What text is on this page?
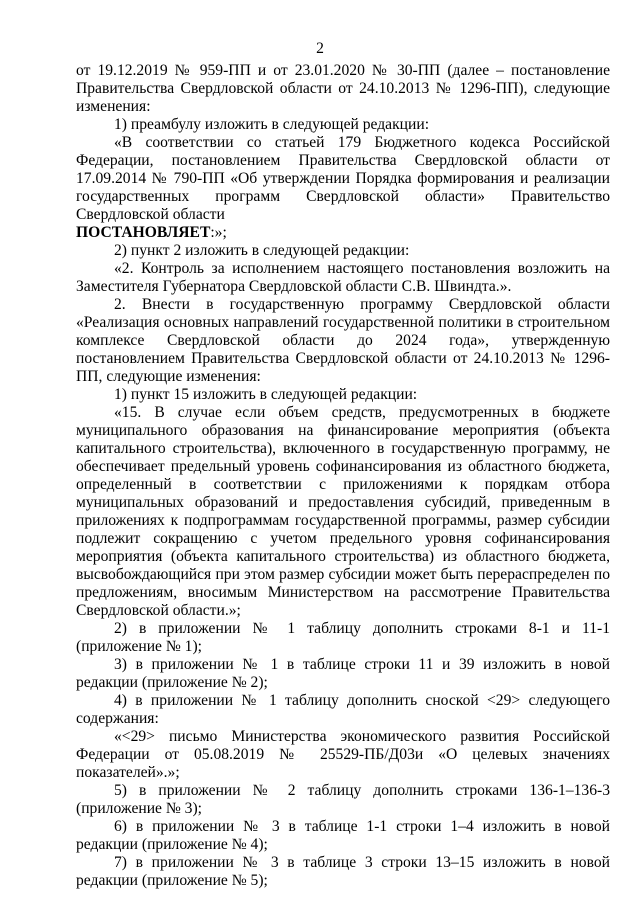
2

от 19.12.2019 № 959-ПП и от 23.01.2020 № 30-ПП (далее – постановление Правительства Свердловской области от 24.10.2013 № 1296-ПП), следующие изменения:

1) преамбулу изложить в следующей редакции:

«В соответствии со статьей 179 Бюджетного кодекса Российской Федерации, постановлением Правительства Свердловской области от 17.09.2014 № 790-ПП «Об утверждении Порядка формирования и реализации государственных программ Свердловской области» Правительство Свердловской области

ПОСТАНОВЛЯЕТ:»;

2) пункт 2 изложить в следующей редакции:

«2. Контроль за исполнением настоящего постановления возложить на Заместителя Губернатора Свердловской области С.В. Швиндта.».

2. Внести в государственную программу Свердловской области «Реализация основных направлений государственной политики в строительном комплексе Свердловской области до 2024 года», утвержденную постановлением Правительства Свердловской области от 24.10.2013 № 1296-ПП, следующие изменения:

1) пункт 15 изложить в следующей редакции:

«15. В случае если объем средств, предусмотренных в бюджете муниципального образования на финансирование мероприятия (объекта капитального строительства), включенного в государственную программу, не обеспечивает предельный уровень софинансирования из областного бюджета, определенный в соответствии с приложениями к порядкам отбора муниципальных образований и предоставления субсидий, приведенным в приложениях к подпрограммам государственной программы, размер субсидии подлежит сокращению с учетом предельного уровня софинансирования мероприятия (объекта капитального строительства) из областного бюджета, высвобождающийся при этом размер субсидии может быть перераспределен по предложениям, вносимым Министерством на рассмотрение Правительства Свердловской области.»;

2) в приложении № 1 таблицу дополнить строками 8-1 и 11-1 (приложение № 1);

3) в приложении № 1 в таблице строки 11 и 39 изложить в новой редакции (приложение № 2);

4) в приложении № 1 таблицу дополнить сноской <29> следующего содержания:

«<29> письмо Министерства экономического развития Российской Федерации от 05.08.2019 № 25529-ПБ/Д03и «О целевых значениях показателей».»;

5) в приложении № 2 таблицу дополнить строками 136-1–136-3 (приложение № 3);

6) в приложении № 3 в таблице 1-1 строки 1–4 изложить в новой редакции (приложение № 4);

7) в приложении № 3 в таблице 3 строки 13–15 изложить в новой редакции (приложение № 5);
